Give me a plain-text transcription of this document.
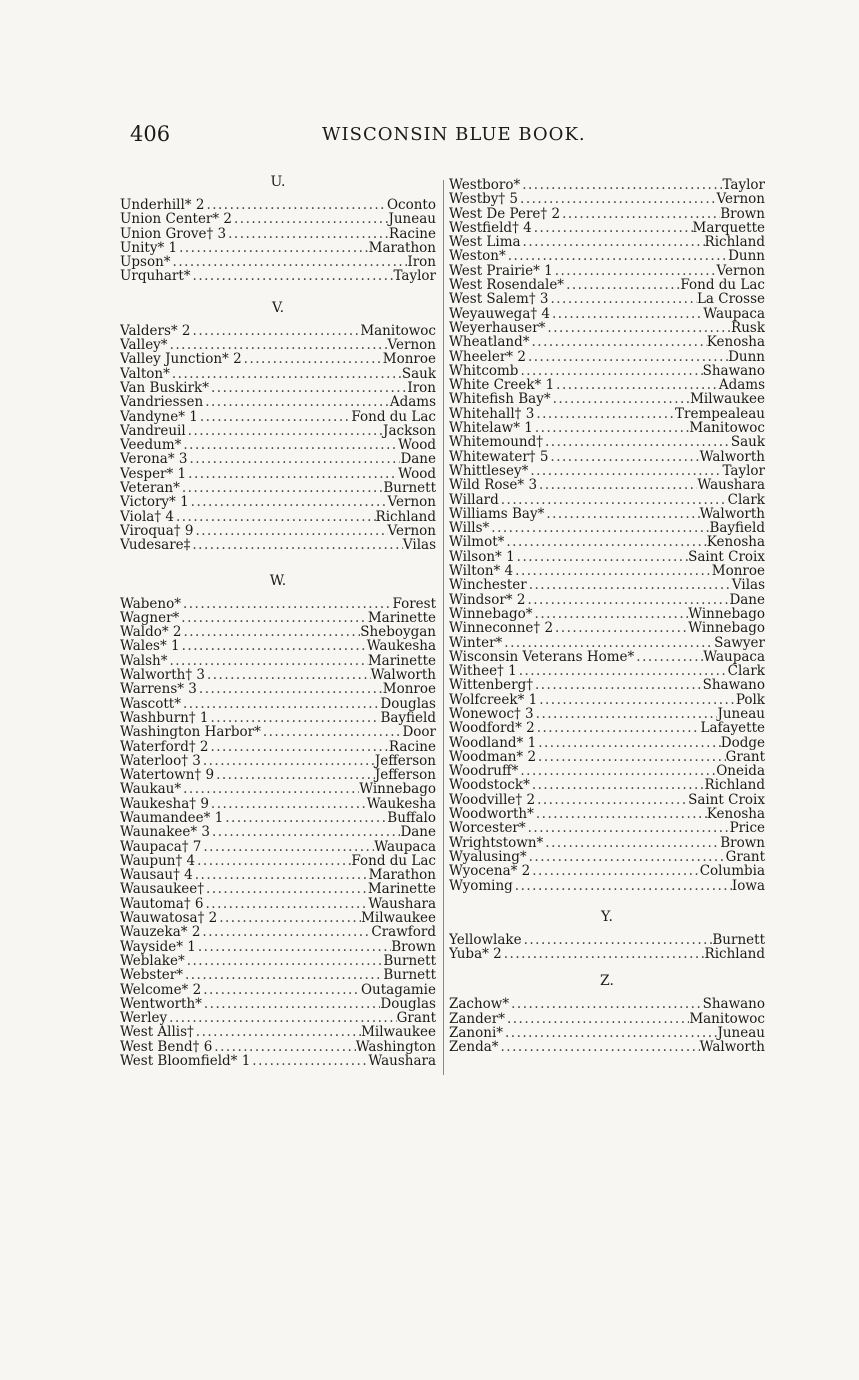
406	WISCONSIN BLUE BOOK.
U.
Underhill* 2 .....	Oconto
Union Center* 2 .....	Juneau
Union Grove† 3 .....	Racine
Unity* 1 .....	Marathon
Upson* .....	Iron
Urquhart* .....	Taylor
V.
Valders* 2 .....	Manitowoc
Valley* .....	Vernon
Valley Junction* 2 .....	Monroe
Valton* .....	Sauk
Van Buskirk* .....	Iron
Vandriessen .....	Adams
Vandyne* 1 .....	Fond du Lac
Vandreuil .....	Jackson
Veedum* .....	Wood
Verona* 3 .....	Dane
Vesper* 1 .....	Wood
Veteran* .....	Burnett
Victory* 1 .....	Vernon
Viola† 4 .....	Richland
Viroqua† 9 .....	Vernon
Vudesare‡ .....	Vilas
W.
Wabeno* .....	Forest
Wagner* .....	Marinette
Waldo* 2 .....	Sheboygan
Wales* 1 .....	Waukesha
Walsh* .....	Marinette
Walworth† 3 .....	Walworth
Warrens* 3 .....	Monroe
Wascott* .....	Douglas
Washburn† 1 .....	Bayfield
Washington Harbor* .....	Door
Waterford† 2 .....	Racine
Waterloo† 3 .....	Jefferson
Watertown† 9 .....	Jefferson
Waukau* .....	Winnebago
Waukesha† 9 .....	Waukesha
Waumandee* 1 .....	Buffalo
Waunakee* 3 .....	Dane
Waupaca† 7 .....	Waupaca
Waupun† 4 .....	Fond du Lac
Wausau† 4 .....	Marathon
Wausaukee† .....	Marinette
Wautoma† 6 .....	Waushara
Wauwatosa† 2 .....	Milwaukee
Wauzeka* 2 .....	Crawford
Wayside* 1 .....	Brown
Weblake* .....	Burnett
Webster* .....	Burnett
Welcome* 2 .....	Outagamie
Wentworth* .....	Douglas
Werley .....	Grant
West Allis† .....	Milwaukee
West Bend† 6 .....	Washington
West Bloomfield* 1 .....	Waushara
Westboro* .....	Taylor
Westby† 5 .....	Vernon
West De Pere† 2 .....	Brown
Westfield† 4 .....	Marquette
West Lima .....	Richland
Weston* .....	Dunn
West Prairie* 1 .....	Vernon
West Rosendale* .....	Fond du Lac
West Salem† 3 .....	La Crosse
Weyauwega† 4 .....	Waupaca
Weyerhauser* .....	Rusk
Wheatland* .....	Kenosha
Wheeler* 2 .....	Dunn
Whitcomb .....	Shawano
White Creek* 1 .....	Adams
Whitefish Bay* .....	Milwaukee
Whitehall† 3 .....	Trempealeau
Whitelaw* 1 .....	Manitowoc
Whitemound† .....	Sauk
Whitewater† 5 .....	Walworth
Whittlesey* .....	Taylor
Wild Rose* 3 .....	Waushara
Willard .....	Clark
Williams Bay* .....	Walworth
Wills* .....	Bayfield
Wilmot* .....	Kenosha
Wilson* 1 .....	Saint Croix
Wilton* 4 .....	Monroe
Winchester .....	Vilas
Windsor* 2 .....	Dane
Winnebago* .....	Winnebago
Winneconne† 2 .....	Winnebago
Winter* .....	Sawyer
Wisconsin Veterans Home* .....	Waupaca
Withee† 1 .....	Clark
Wittenberg† .....	Shawano
Wolfcreek* 1 .....	Polk
Wonewoc† 3 .....	Juneau
Woodford* 2 .....	Lafayette
Woodland* 1 .....	Dodge
Woodman* 2 .....	Grant
Woodruff* .....	Oneida
Woodstock* .....	Richland
Woodville† 2 .....	Saint Croix
Woodworth* .....	Kenosha
Worcester* .....	Price
Wrightstown* .....	Brown
Wyalusing* .....	Grant
Wyocena* 2 .....	Columbia
Wyoming .....	Iowa
Y.
Yellowlake .....	Burnett
Yuba* 2 .....	Richland
Z.
Zachow* .....	Shawano
Zander* .....	Manitowoc
Zanoni* .....	Juneau
Zenda* .....	Walworth
